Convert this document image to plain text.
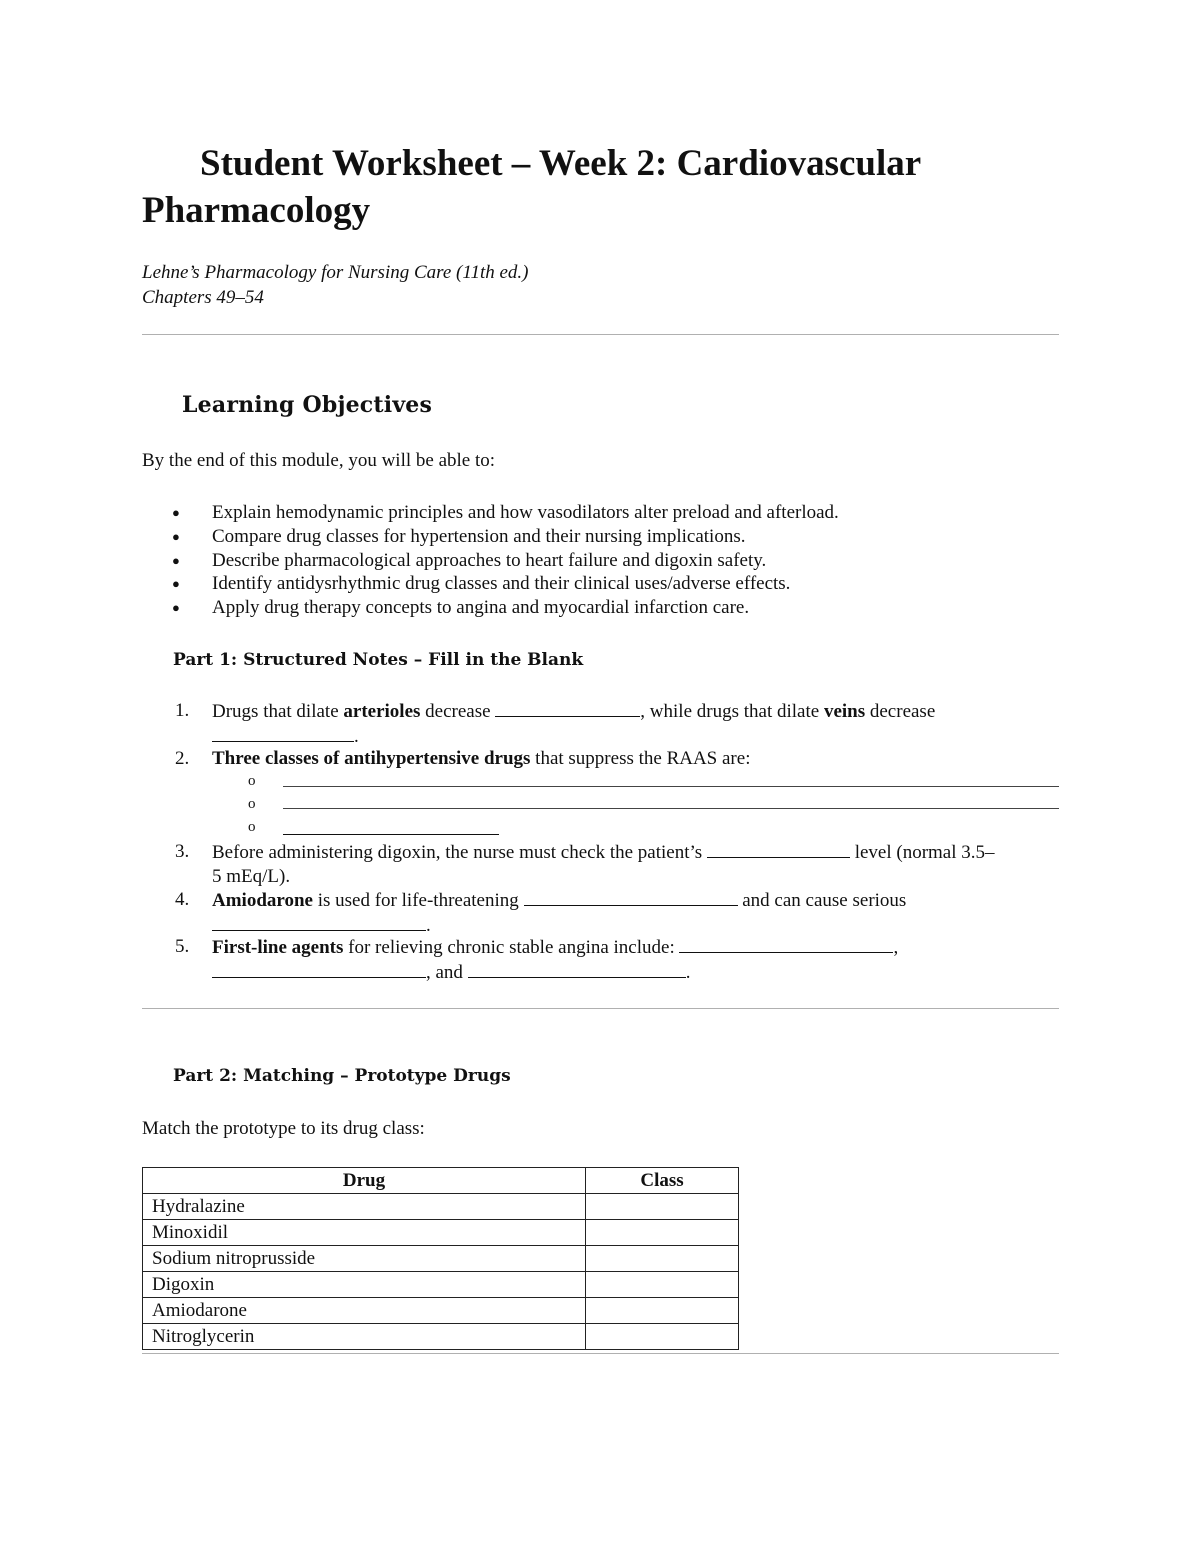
Student Worksheet – Week 2: Cardiovascular Pharmacology
Lehne’s Pharmacology for Nursing Care (11th ed.)
Chapters 49–54
Learning Objectives
By the end of this module, you will be able to:
● Explain hemodynamic principles and how vasodilators alter preload and afterload.
● Compare drug classes for hypertension and their nursing implications.
● Describe pharmacological approaches to heart failure and digoxin safety.
● Identify antidysrhythmic drug classes and their clinical uses/adverse effects.
● Apply drug therapy concepts to angina and myocardial infarction care.
Part 1: Structured Notes – Fill in the Blank
1. Drugs that dilate arterioles decrease	, while drugs that dilate veins decrease
.
2. Three classes of antihypertensive drugs that suppress the RAAS are:
o
o
o
3. Before administering digoxin, the nurse must check the patient’s	level (normal 3.5–
5 mEq/L).
4. Amiodarone is used for life-threatening	and can cause serious
.
5. First-line agents for relieving chronic stable angina include:	,
, and	.
Part 2: Matching – Prototype Drugs
Match the prototype to its drug class:
Drug	Class
Hydralazine	
Minoxidil	
Sodium nitroprusside	
Digoxin	
Amiodarone	
Nitroglycerin	
